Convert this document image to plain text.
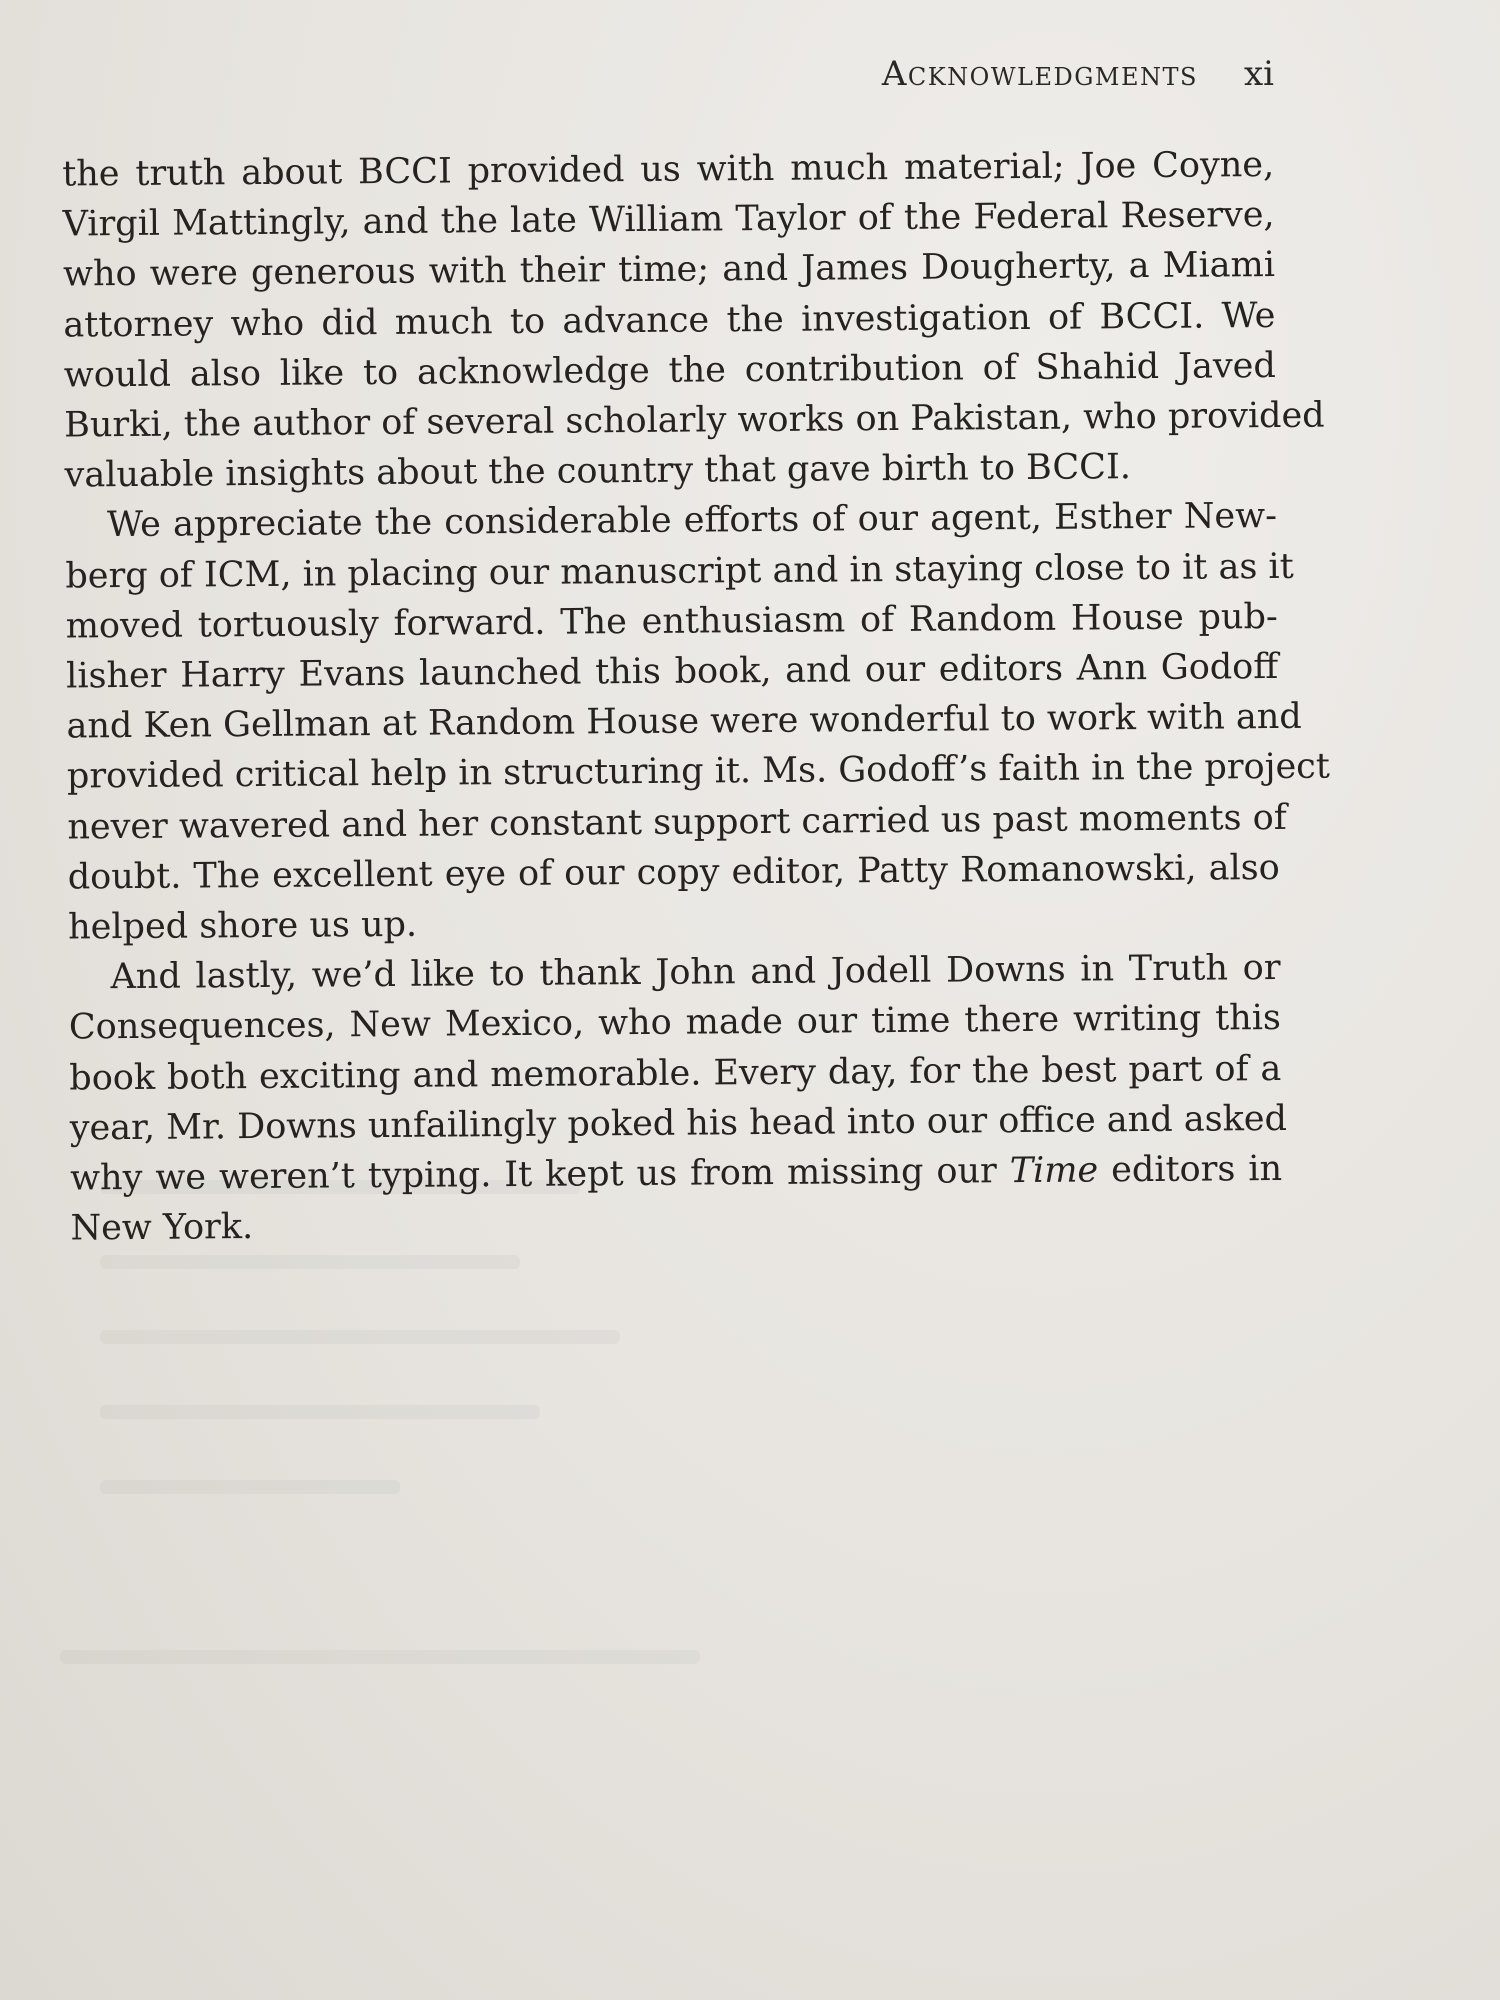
Acknowledgments xi

the truth about BCCI provided us with much material; Joe Coyne,
Virgil Mattingly, and the late William Taylor of the Federal Reserve,
who were generous with their time; and James Dougherty, a Miami
attorney who did much to advance the investigation of BCCI. We
would also like to acknowledge the contribution of Shahid Javed
Burki, the author of several scholarly works on Pakistan, who provided
valuable insights about the country that gave birth to BCCI.

We appreciate the considerable efforts of our agent, Esther New-
berg of ICM, in placing our manuscript and in staying close to it as it
moved tortuously forward. The enthusiasm of Random House pub-
lisher Harry Evans launched this book, and our editors Ann Godoff
and Ken Gellman at Random House were wonderful to work with and
provided critical help in structuring it. Ms. Godoff’s faith in the project
never wavered and her constant support carried us past moments of
doubt. The excellent eye of our copy editor, Patty Romanowski, also
helped shore us up.

And lastly, we’d like to thank John and Jodell Downs in Truth or
Consequences, New Mexico, who made our time there writing this
book both exciting and memorable. Every day, for the best part of a
year, Mr. Downs unfailingly poked his head into our office and asked
why we weren’t typing. It kept us from missing our Time editors in
New York.
